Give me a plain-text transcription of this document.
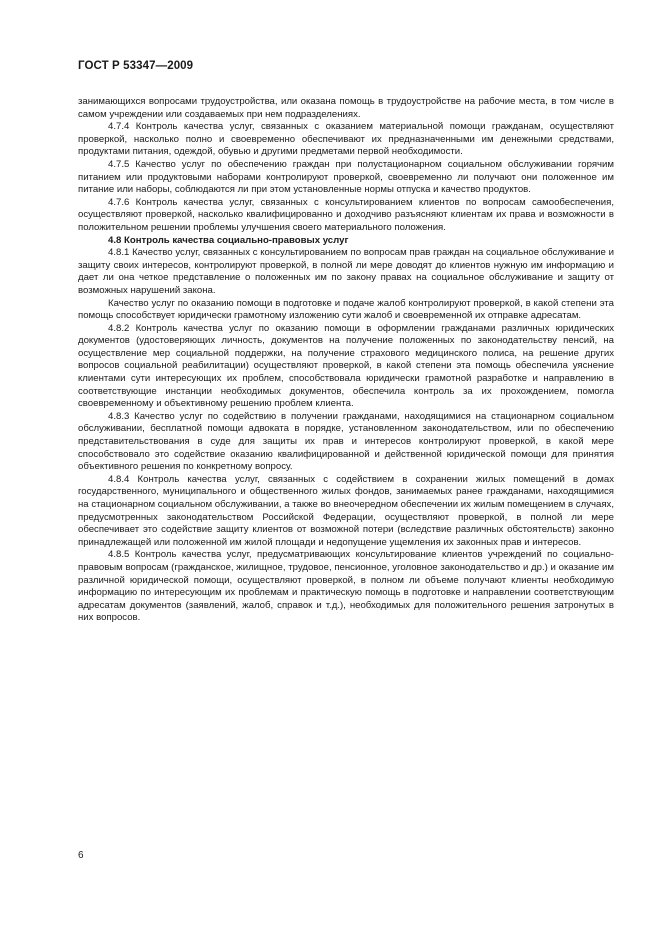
ГОСТ Р 53347—2009

занимающихся вопросами трудоустройства, или оказана помощь в трудоустройстве на рабочие места, в том числе в самом учреждении или создаваемых при нем подразделениях.

4.7.4 Контроль качества услуг, связанных с оказанием материальной помощи гражданам, осуществляют проверкой, насколько полно и своевременно обеспечивают их предназначенными им денежными средствами, продуктами питания, одеждой, обувью и другими предметами первой необходимости.

4.7.5 Качество услуг по обеспечению граждан при полустационарном социальном обслуживании горячим питанием или продуктовыми наборами контролируют проверкой, своевременно ли получают они положенное им питание или наборы, соблюдаются ли при этом установленные нормы отпуска и качество продуктов.

4.7.6 Контроль качества услуг, связанных с консультированием клиентов по вопросам самообеспечения, осуществляют проверкой, насколько квалифицированно и доходчиво разъясняют клиентам их права и возможности в положительном решении проблемы улучшения своего материального положения.

4.8 Контроль качества социально-правовых услуг

4.8.1 Качество услуг, связанных с консультированием по вопросам прав граждан на социальное обслуживание и защиту своих интересов, контролируют проверкой, в полной ли мере доводят до клиентов нужную им информацию и дает ли она четкое представление о положенных им по закону правах на социальное обслуживание и защиту от возможных нарушений закона.

Качество услуг по оказанию помощи в подготовке и подаче жалоб контролируют проверкой, в какой степени эта помощь способствует юридически грамотному изложению сути жалоб и своевременной их отправке адресатам.

4.8.2 Контроль качества услуг по оказанию помощи в оформлении гражданами различных юридических документов (удостоверяющих личность, документов на получение положенных по законодательству пенсий, на осуществление мер социальной поддержки, на получение страхового медицинского полиса, на решение других вопросов социальной реабилитации) осуществляют проверкой, в какой степени эта помощь обеспечила уяснение клиентами сути интересующих их проблем, способствовала юридически грамотной разработке и направлению в соответствующие инстанции необходимых документов, обеспечила контроль за их прохождением, помогла своевременному и объективному решению проблем клиента.

4.8.3 Качество услуг по содействию в получении гражданами, находящимися на стационарном социальном обслуживании, бесплатной помощи адвоката в порядке, установленном законодательством, или по обеспечению представительствования в суде для защиты их прав и интересов контролируют проверкой, в какой мере способствовало это содействие оказанию квалифицированной и действенной юридической помощи для принятия объективного решения по конкретному вопросу.

4.8.4 Контроль качества услуг, связанных с содействием в сохранении жилых помещений в домах государственного, муниципального и общественного жилых фондов, занимаемых ранее гражданами, находящимися на стационарном социальном обслуживании, а также во внеочередном обеспечении их жилым помещением в случаях, предусмотренных законодательством Российской Федерации, осуществляют проверкой, в полной ли мере обеспечивает это содействие защиту клиентов от возможной потери (вследствие различных обстоятельств) законно принадлежащей или положенной им жилой площади и недопущение ущемления их законных прав и интересов.

4.8.5 Контроль качества услуг, предусматривающих консультирование клиентов учреждений по социально-правовым вопросам (гражданское, жилищное, трудовое, пенсионное, уголовное законодательство и др.) и оказание им различной юридической помощи, осуществляют проверкой, в полном ли объеме получают клиенты необходимую информацию по интересующим их проблемам и практическую помощь в подготовке и направлении соответствующим адресатам документов (заявлений, жалоб, справок и т.д.), необходимых для положительного решения затронутых в них вопросов.

6
